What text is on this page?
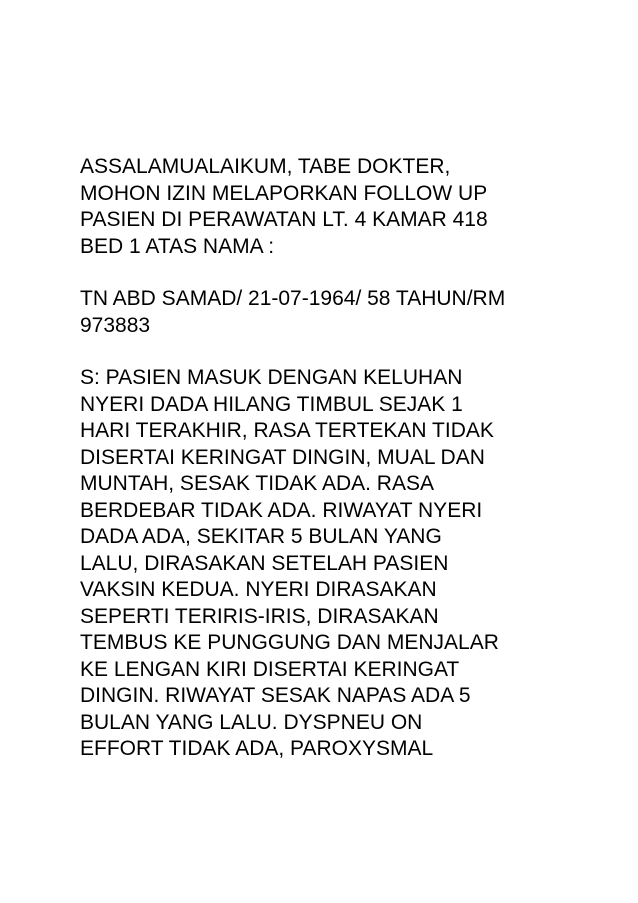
ASSALAMUALAIKUM, TABE DOKTER,
MOHON IZIN MELAPORKAN FOLLOW UP
PASIEN DI PERAWATAN LT. 4 KAMAR 418
BED 1 ATAS NAMA :

TN ABD SAMAD/ 21-07-1964/ 58 TAHUN/RM
973883

S: PASIEN MASUK DENGAN KELUHAN
NYERI DADA HILANG TIMBUL SEJAK 1
HARI TERAKHIR, RASA TERTEKAN TIDAK
DISERTAI KERINGAT DINGIN, MUAL DAN
MUNTAH, SESAK TIDAK ADA. RASA
BERDEBAR TIDAK ADA. RIWAYAT NYERI
DADA ADA, SEKITAR 5 BULAN YANG
LALU, DIRASAKAN SETELAH PASIEN
VAKSIN KEDUA. NYERI DIRASAKAN
SEPERTI TERIRIS-IRIS, DIRASAKAN
TEMBUS KE PUNGGUNG DAN MENJALAR
KE LENGAN KIRI DISERTAI KERINGAT
DINGIN. RIWAYAT SESAK NAPAS ADA 5
BULAN YANG LALU. DYSPNEU ON
EFFORT TIDAK ADA, PAROXYSMAL
